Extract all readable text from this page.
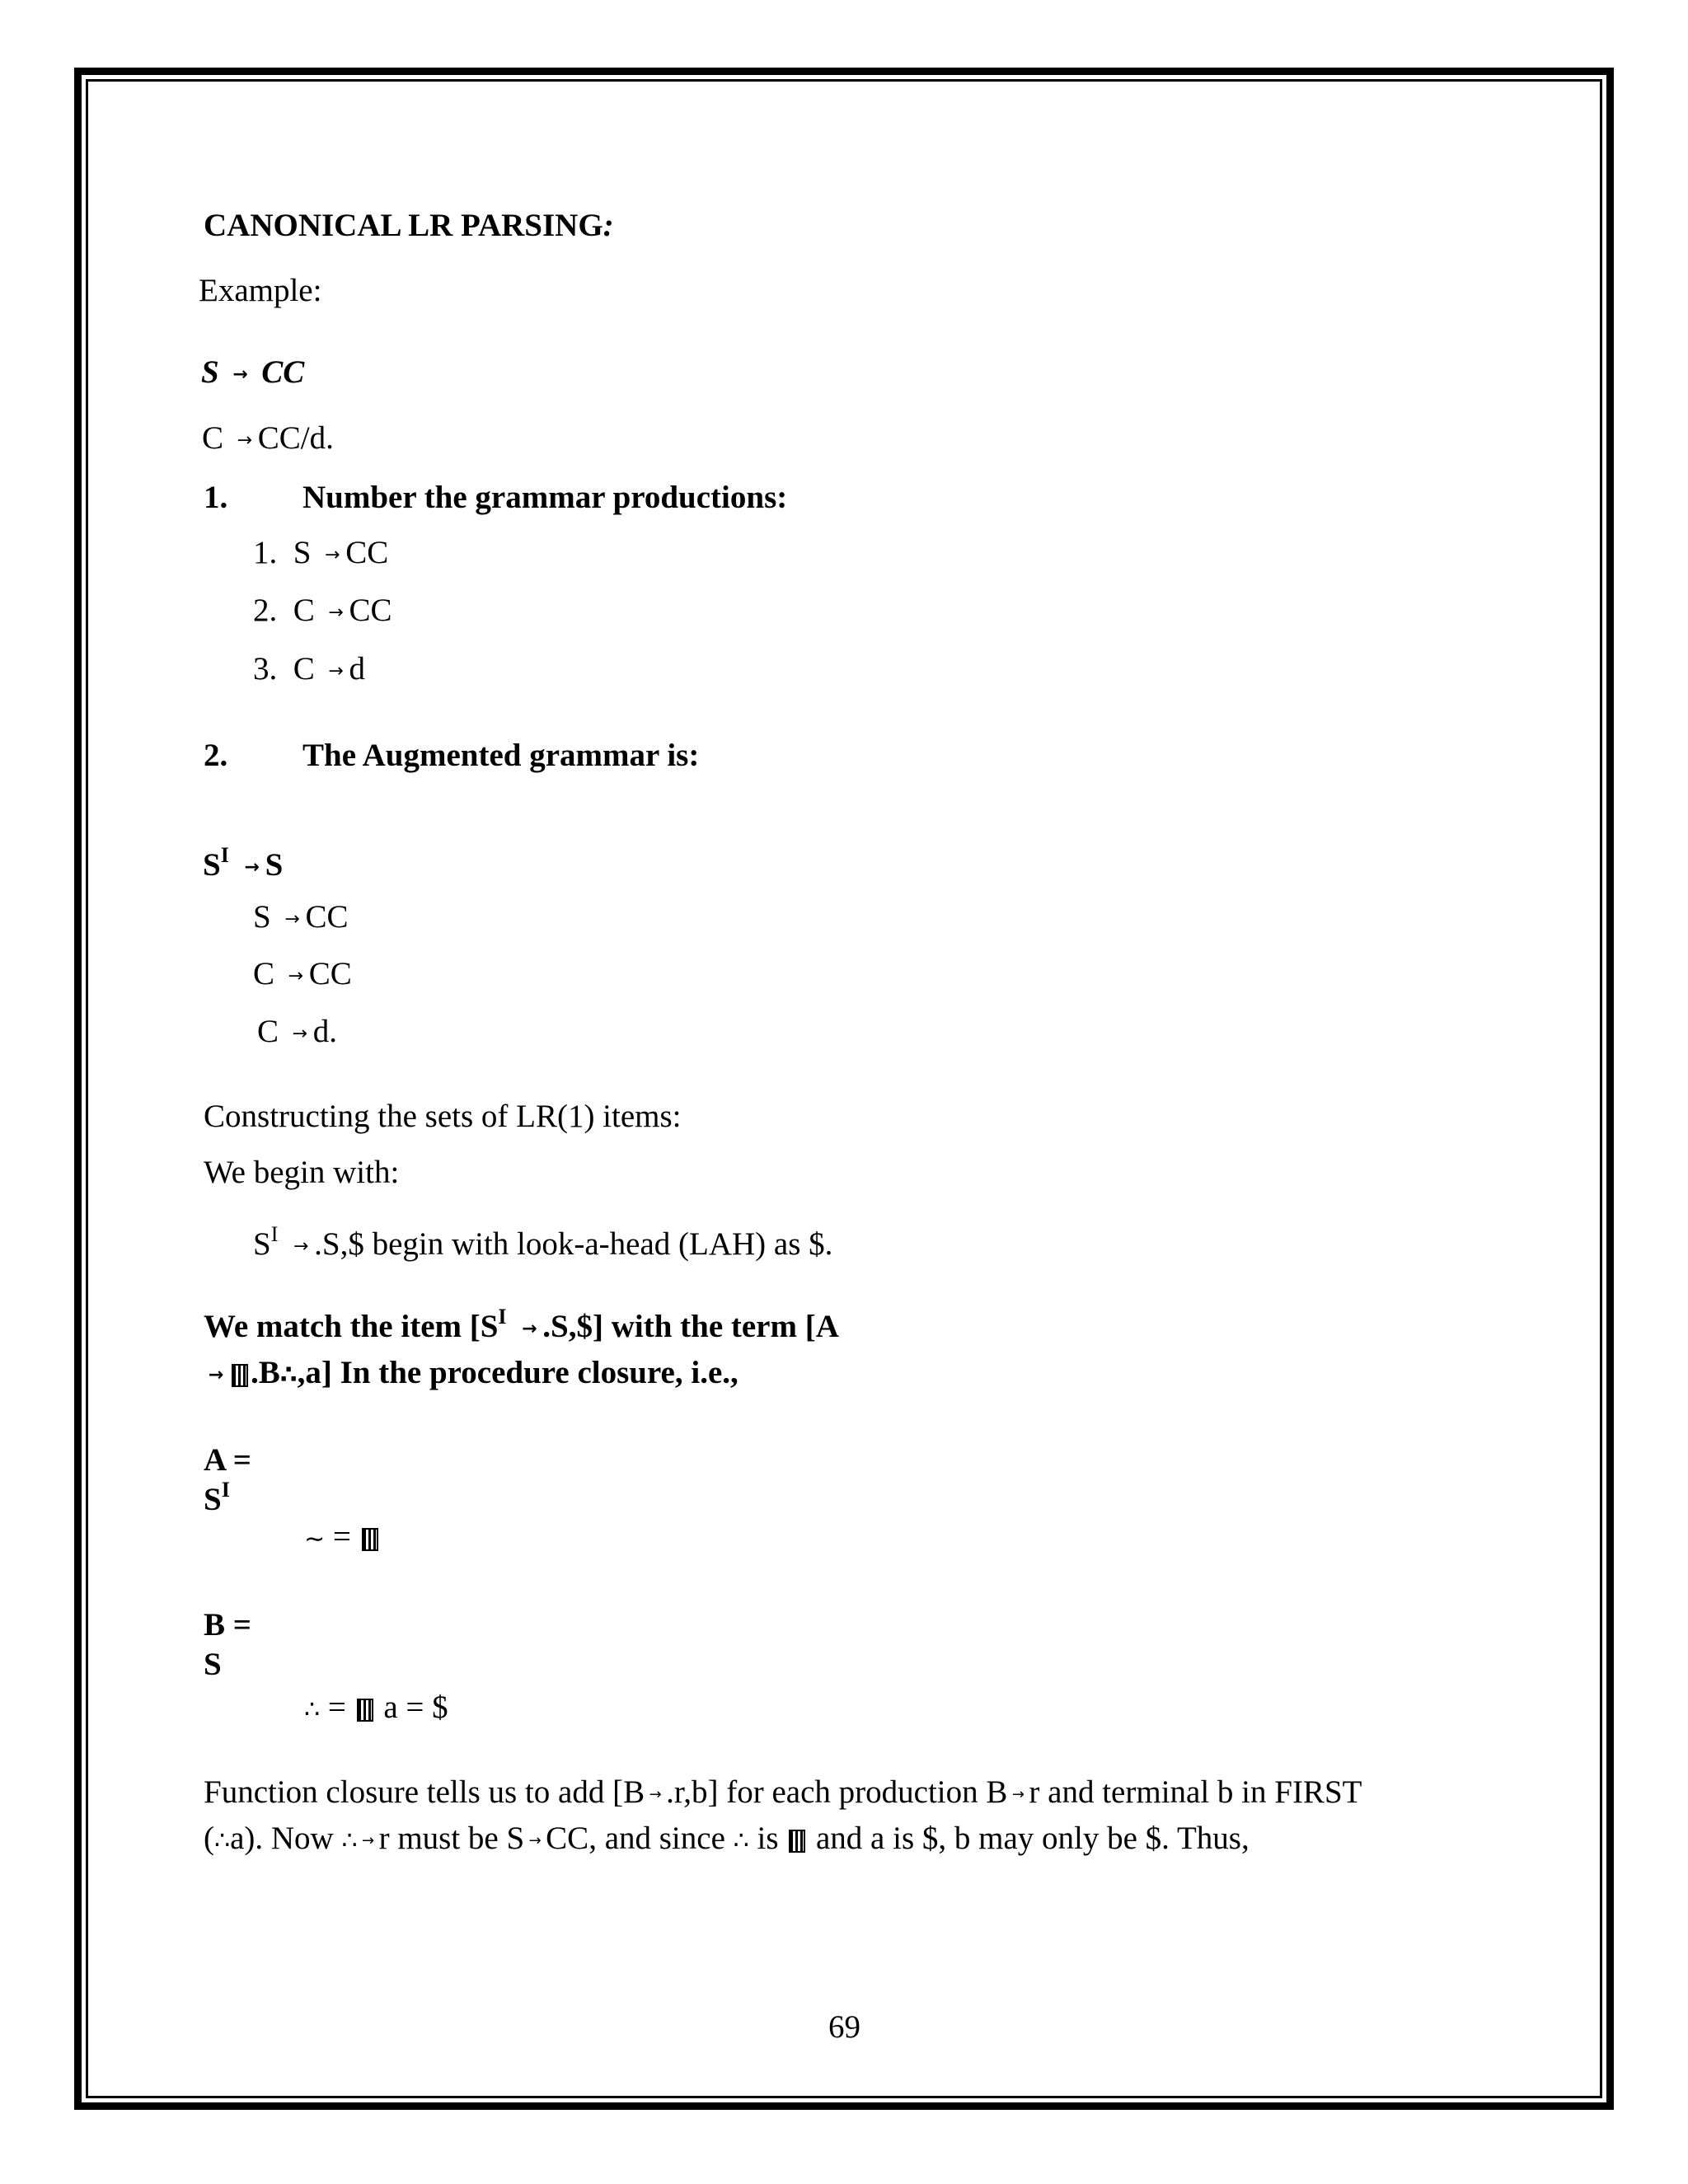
CANONICAL LR PARSING:
Example:
S → CC
C → CC/d.
1. Number the grammar productions:
1. S → CC
2. C → CC
3. C → d
2. The Augmented grammar is:
$S^I \to S$
S → CC
C → CC
C → d.
Constructing the sets of LR(1) items:
We begin with:
$S^I$ → .S,$ begin with look-a-head (LAH) as $.
We match the item [$S^I$ → .S,$] with the term [A
→ .B∴,a] In the procedure closure, i.e.,
A =
$S^I$
∼ =
B =
S
∴ = a = $
Function closure tells us to add [B → .r,b] for each production B → r and terminal b in FIRST
(∴a). Now ∴ → r must be S → CC, and since ∴ is and a is $, b may only be $. Thus,
69
